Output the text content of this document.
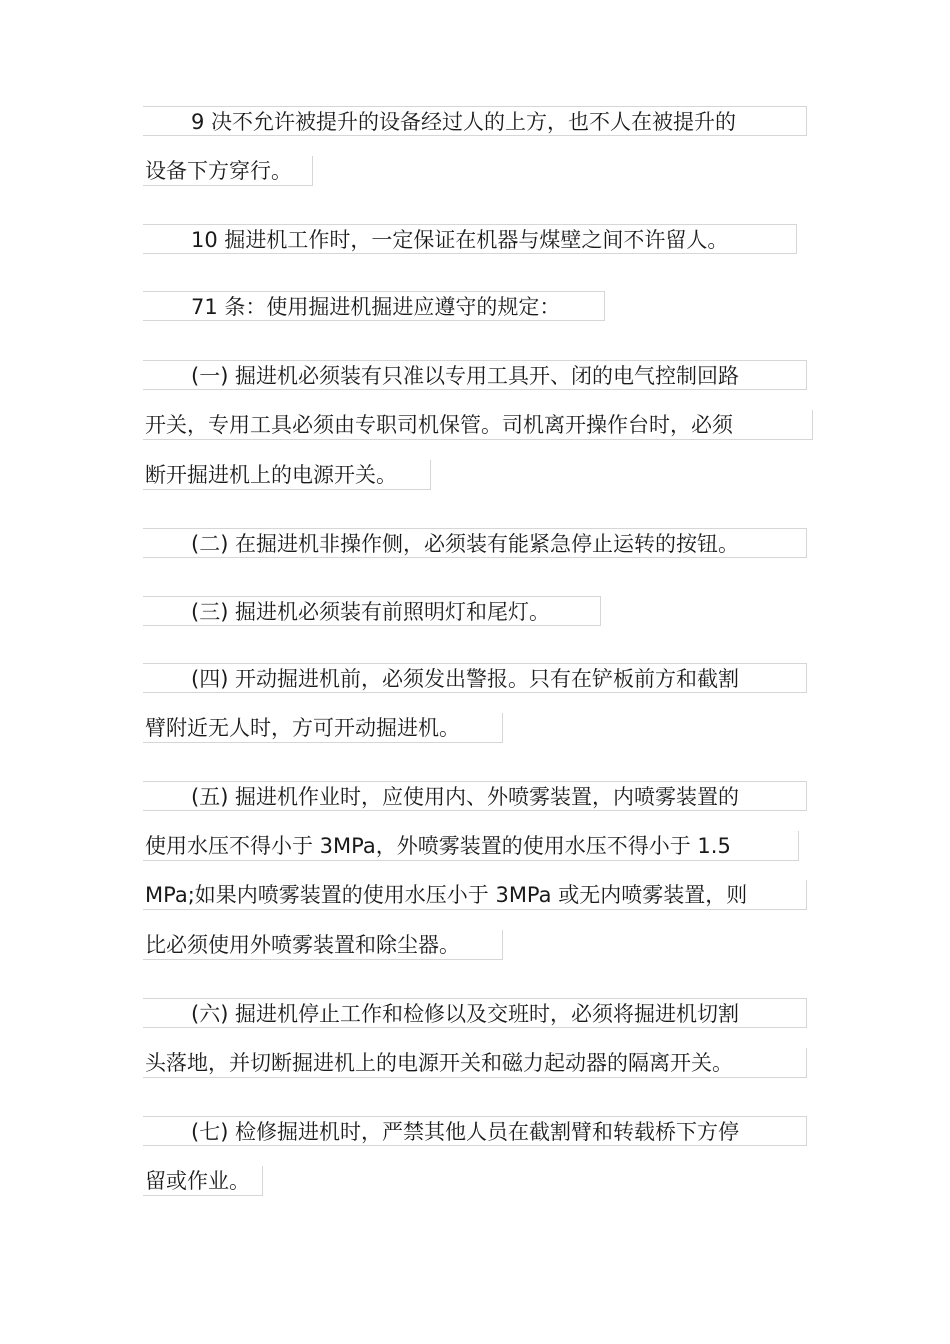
9 决不允许被提升的设备经过人的上方，也不人在被提升的
设备下方穿行。
10 掘进机工作时，一定保证在机器与煤壁之间不许留人。
71 条：使用掘进机掘进应遵守的规定：
(一) 掘进机必须装有只准以专用工具开、闭的电气控制回路
开关，专用工具必须由专职司机保管。司机离开操作台时，必须
断开掘进机上的电源开关。
(二) 在掘进机非操作侧，必须装有能紧急停止运转的按钮。
(三) 掘进机必须装有前照明灯和尾灯。
(四) 开动掘进机前，必须发出警报。只有在铲板前方和截割
臂附近无人时，方可开动掘进机。
(五) 掘进机作业时，应使用内、外喷雾装置，内喷雾装置的
使用水压不得小于 3MPa，外喷雾装置的使用水压不得小于 1.5
MPa;如果内喷雾装置的使用水压小于 3MPa 或无内喷雾装置，则
比必须使用外喷雾装置和除尘器。
(六) 掘进机停止工作和检修以及交班时，必须将掘进机切割
头落地，并切断掘进机上的电源开关和磁力起动器的隔离开关。
(七) 检修掘进机时，严禁其他人员在截割臂和转载桥下方停
留或作业。
